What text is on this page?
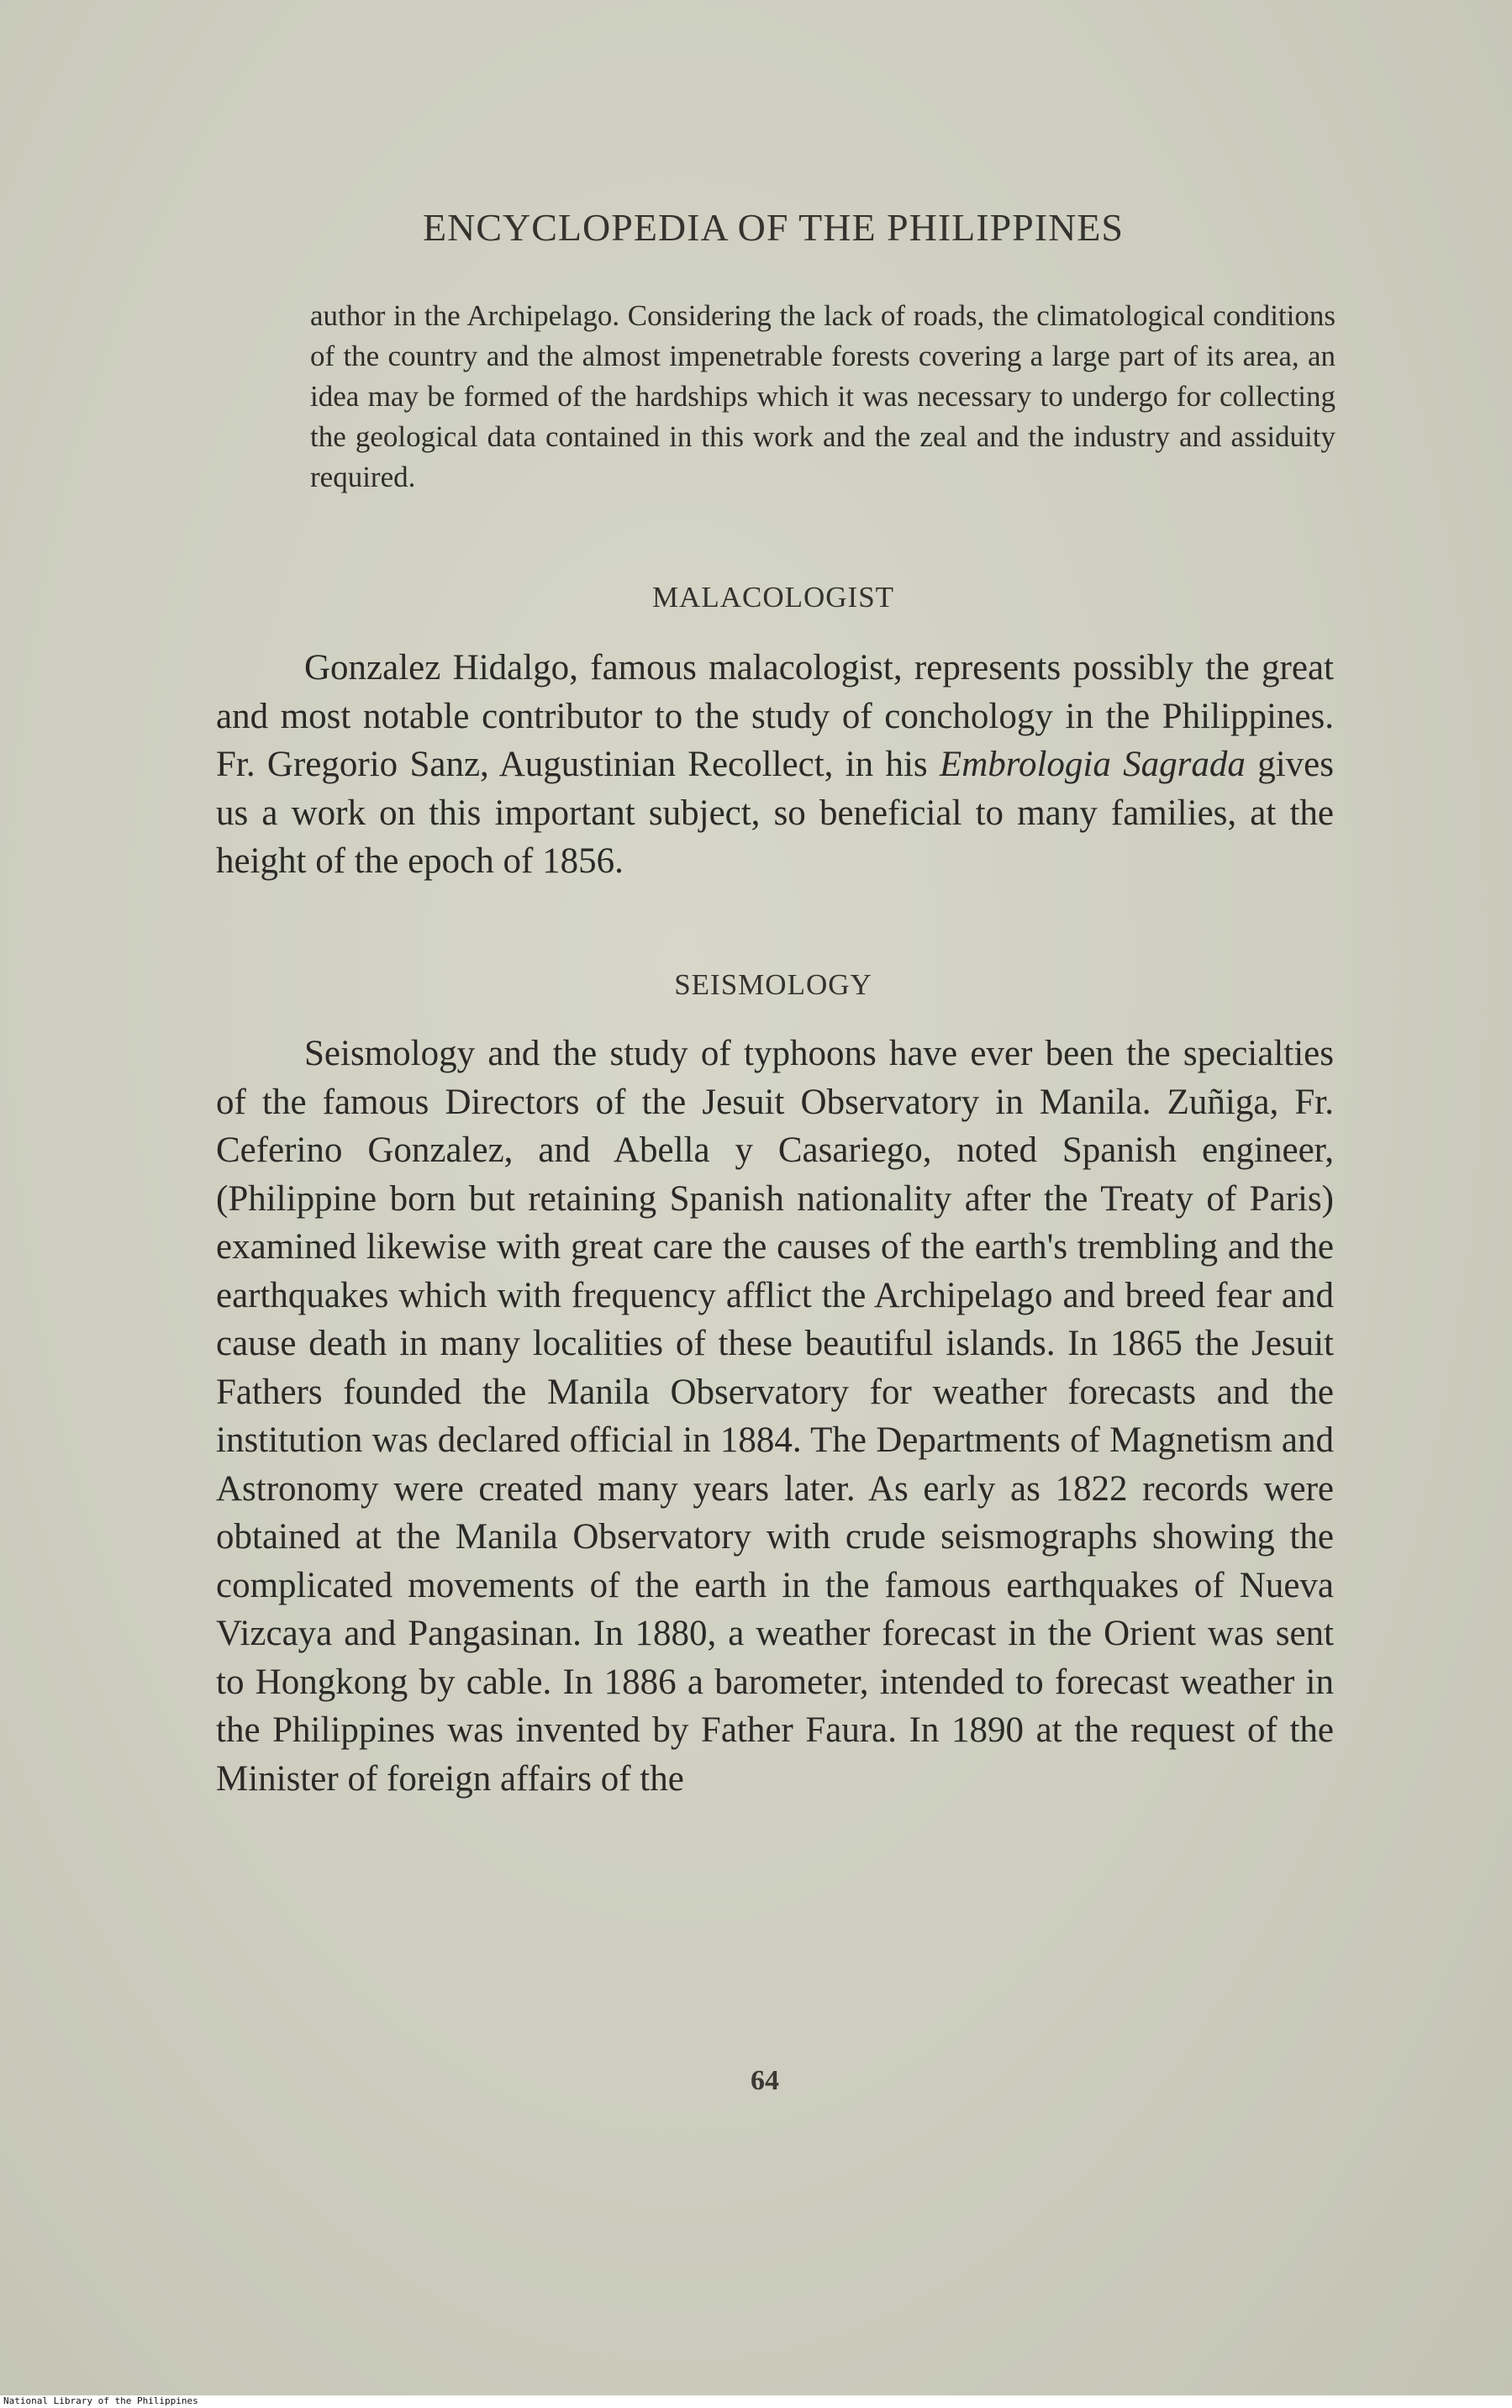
ENCYCLOPEDIA OF THE PHILIPPINES

author in the Archipelago. Considering the lack of roads, the climatological conditions of the country and the almost impenetrable forests covering a large part of its area, an idea may be formed of the hardships which it was necessary to undergo for collecting the geological data contained in this work and the zeal and the industry and assiduity required.

MALACOLOGIST

Gonzalez Hidalgo, famous malacologist, represents possibly the great and most notable contributor to the study of conchology in the Philippines. Fr. Gregorio Sanz, Augustinian Recollect, in his Embrologia Sagrada gives us a work on this important subject, so beneficial to many families, at the height of the epoch of 1856.

SEISMOLOGY

Seismology and the study of typhoons have ever been the specialties of the famous Directors of the Jesuit Observatory in Manila. Zuñiga, Fr. Ceferino Gonzalez, and Abella y Casariego, noted Spanish engineer, (Philippine born but retaining Spanish nationality after the Treaty of Paris) examined likewise with great care the causes of the earth's trembling and the earthquakes which with frequency afflict the Archipelago and breed fear and cause death in many localities of these beautiful islands. In 1865 the Jesuit Fathers founded the Manila Observatory for weather forecasts and the institution was declared official in 1884. The Departments of Magnetism and Astronomy were created many years later. As early as 1822 records were obtained at the Manila Observatory with crude seismographs showing the complicated movements of the earth in the famous earthquakes of Nueva Vizcaya and Pangasinan. In 1880, a weather forecast in the Orient was sent to Hongkong by cable. In 1886 a barometer, intended to forecast weather in the Philippines was invented by Father Faura. In 1890 at the request of the Minister of foreign affairs of the

64
National Library of the Philippines
